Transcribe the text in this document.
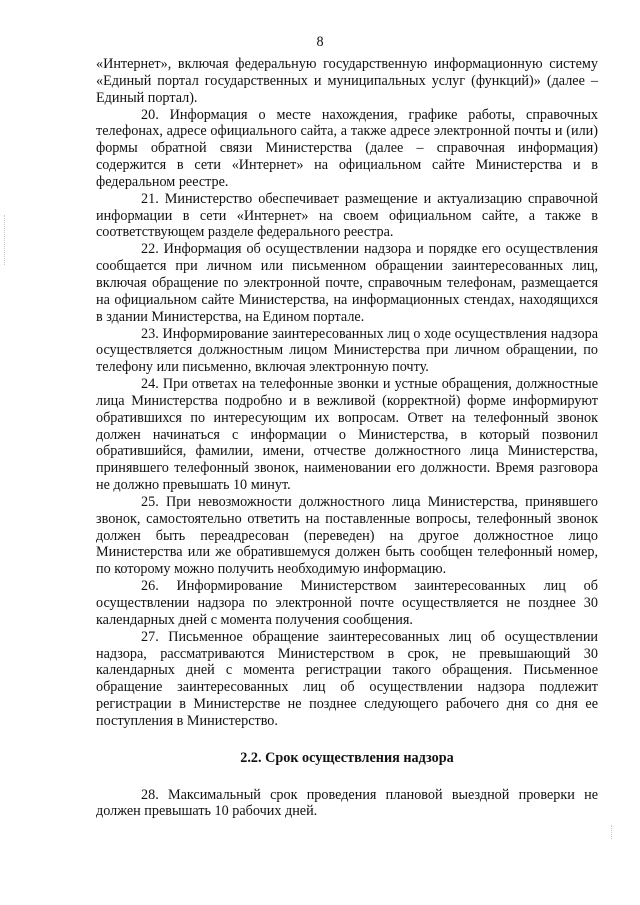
8

«Интернет», включая федеральную государственную информационную систему «Единый портал государственных и муниципальных услуг (функций)» (далее – Единый портал).

20. Информация о месте нахождения, графике работы, справочных телефонах, адресе официального сайта, а также адресе электронной почты и (или) формы обратной связи Министерства (далее – справочная информация) содержится в сети «Интернет» на официальном сайте Министерства и в федеральном реестре.

21. Министерство обеспечивает размещение и актуализацию справочной информации в сети «Интернет» на своем официальном сайте, а также в соответствующем разделе федерального реестра.

22. Информация об осуществлении надзора и порядке его осуществления сообщается при личном или письменном обращении заинтересованных лиц, включая обращение по электронной почте, справочным телефонам, размещается на официальном сайте Министерства, на информационных стендах, находящихся в здании Министерства, на Едином портале.

23. Информирование заинтересованных лиц о ходе осуществления надзора осуществляется должностным лицом Министерства при личном обращении, по телефону или письменно, включая электронную почту.

24. При ответах на телефонные звонки и устные обращения, должностные лица Министерства подробно и в вежливой (корректной) форме информируют обратившихся по интересующим их вопросам. Ответ на телефонный звонок должен начинаться с информации о Министерства, в который позвонил обратившийся, фамилии, имени, отчестве должностного лица Министерства, принявшего телефонный звонок, наименовании его должности. Время разговора не должно превышать 10 минут.

25. При невозможности должностного лица Министерства, принявшего звонок, самостоятельно ответить на поставленные вопросы, телефонный звонок должен быть переадресован (переведен) на другое должностное лицо Министерства или же обратившемуся должен быть сообщен телефонный номер, по которому можно получить необходимую информацию.

26. Информирование Министерством заинтересованных лиц об осуществлении надзора по электронной почте осуществляется не позднее 30 календарных дней с момента получения сообщения.

27. Письменное обращение заинтересованных лиц об осуществлении надзора, рассматриваются Министерством в срок, не превышающий 30 календарных дней с момента регистрации такого обращения. Письменное обращение заинтересованных лиц об осуществлении надзора подлежит регистрации в Министерстве не позднее следующего рабочего дня со дня ее поступления в Министерство.

2.2. Срок осуществления надзора

28. Максимальный срок проведения плановой выездной проверки не должен превышать 10 рабочих дней.
